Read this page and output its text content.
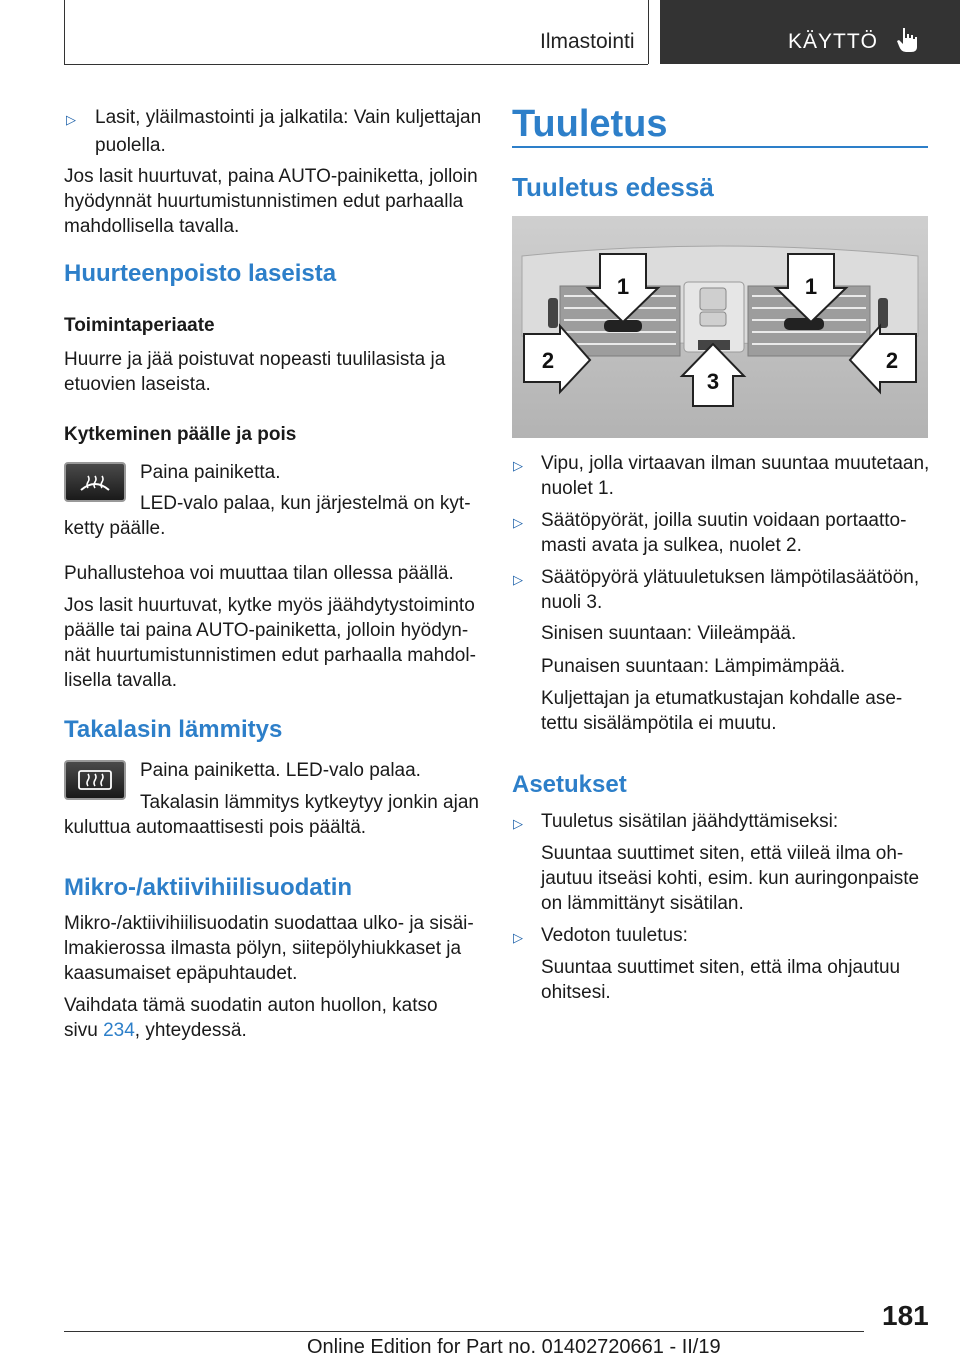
Ilmastointi	KÄYTTÖ
▷ Lasit, yläilmastointi ja jalkatila: Vain kuljettajan
puolella.
Jos lasit huurtuvat, paina AUTO-painiketta, jolloin
hyödynnät huurtumistunnistimen edut parhaalla
mahdollisella tavalla.
Huurteenpoisto laseista
Toimintaperiaate
Huurre ja jää poistuvat nopeasti tuulilasista ja
etuovien laseista.
Kytkeminen päälle ja pois
Paina painiketta.
LED-valo palaa, kun järjestelmä on kyt-
ketty päälle.
Puhallustehoa voi muuttaa tilan ollessa päällä.
Jos lasit huurtuvat, kytke myös jäähdytystoiminto
päälle tai paina AUTO-painiketta, jolloin hyödyn-
nät huurtumistunnistimen edut parhaalla mahdol-
lisella tavalla.
Takalasin lämmitys
Paina painiketta. LED-valo palaa.
Takalasin lämmitys kytkeytyy jonkin ajan
kuluttua automaattisesti pois päältä.
Mikro-/aktiivihiilisuodatin
Mikro-/aktiivihiilisuodatin suodattaa ulko- ja sisäi-
lmakierossa ilmasta pölyn, siitepölyhiukkaset ja
kaasumaiset epäpuhtaudet.
Vaihdata tämä suodatin auton huollon, katso
sivu 234, yhteydessä.
Tuuletus
Tuuletus edessä
1	1
2	2
3
▷ Vipu, jolla virtaavan ilman suuntaa muutetaan,
nuolet 1.
▷ Säätöpyörät, joilla suutin voidaan portaatto-
masti avata ja sulkea, nuolet 2.
▷ Säätöpyörä ylätuuletuksen lämpötilasäätöön,
nuoli 3.
Sinisen suuntaan: Viileämpää.
Punaisen suuntaan: Lämpimämpää.
Kuljettajan ja etumatkustajan kohdalle ase-
tettu sisälämpötila ei muutu.
Asetukset
▷ Tuuletus sisätilan jäähdyttämiseksi:
Suuntaa suuttimet siten, että viileä ilma oh-
jautuu itseäsi kohti, esim. kun auringonpaiste
on lämmittänyt sisätilan.
▷ Vedoton tuuletus:
Suuntaa suuttimet siten, että ilma ohjautuu
ohitsesi.
181
Online Edition for Part no. 01402720661 - II/19
